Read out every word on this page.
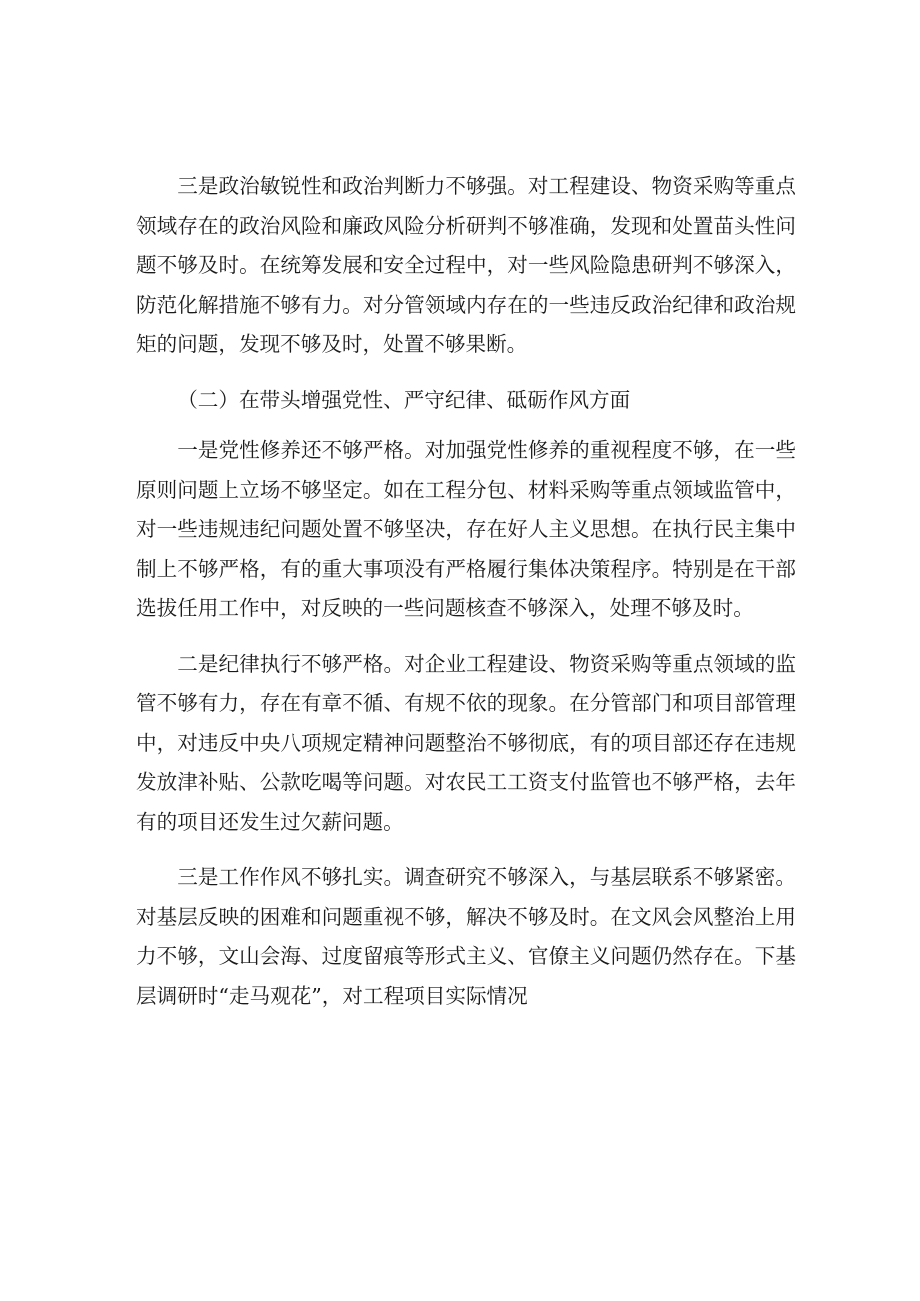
三是政治敏锐性和政治判断力不够强。对工程建设、物资采购等重点领域存在的政治风险和廉政风险分析研判不够准确，发现和处置苗头性问题不够及时。在统筹发展和安全过程中，对一些风险隐患研判不够深入，防范化解措施不够有力。对分管领域内存在的一些违反政治纪律和政治规矩的问题，发现不够及时，处置不够果断。

（二）在带头增强党性、严守纪律、砥砺作风方面

一是党性修养还不够严格。对加强党性修养的重视程度不够，在一些原则问题上立场不够坚定。如在工程分包、材料采购等重点领域监管中，对一些违规违纪问题处置不够坚决，存在好人主义思想。在执行民主集中制上不够严格，有的重大事项没有严格履行集体决策程序。特别是在干部选拔任用工作中，对反映的一些问题核查不够深入，处理不够及时。

二是纪律执行不够严格。对企业工程建设、物资采购等重点领域的监管不够有力，存在有章不循、有规不依的现象。在分管部门和项目部管理中，对违反中央八项规定精神问题整治不够彻底，有的项目部还存在违规发放津补贴、公款吃喝等问题。对农民工工资支付监管也不够严格，去年有的项目还发生过欠薪问题。

三是工作作风不够扎实。调查研究不够深入，与基层联系不够紧密。对基层反映的困难和问题重视不够，解决不够及时。在文风会风整治上用力不够，文山会海、过度留痕等形式主义、官僚主义问题仍然存在。下基层调研时“走马观花”，对工程项目实际情况
